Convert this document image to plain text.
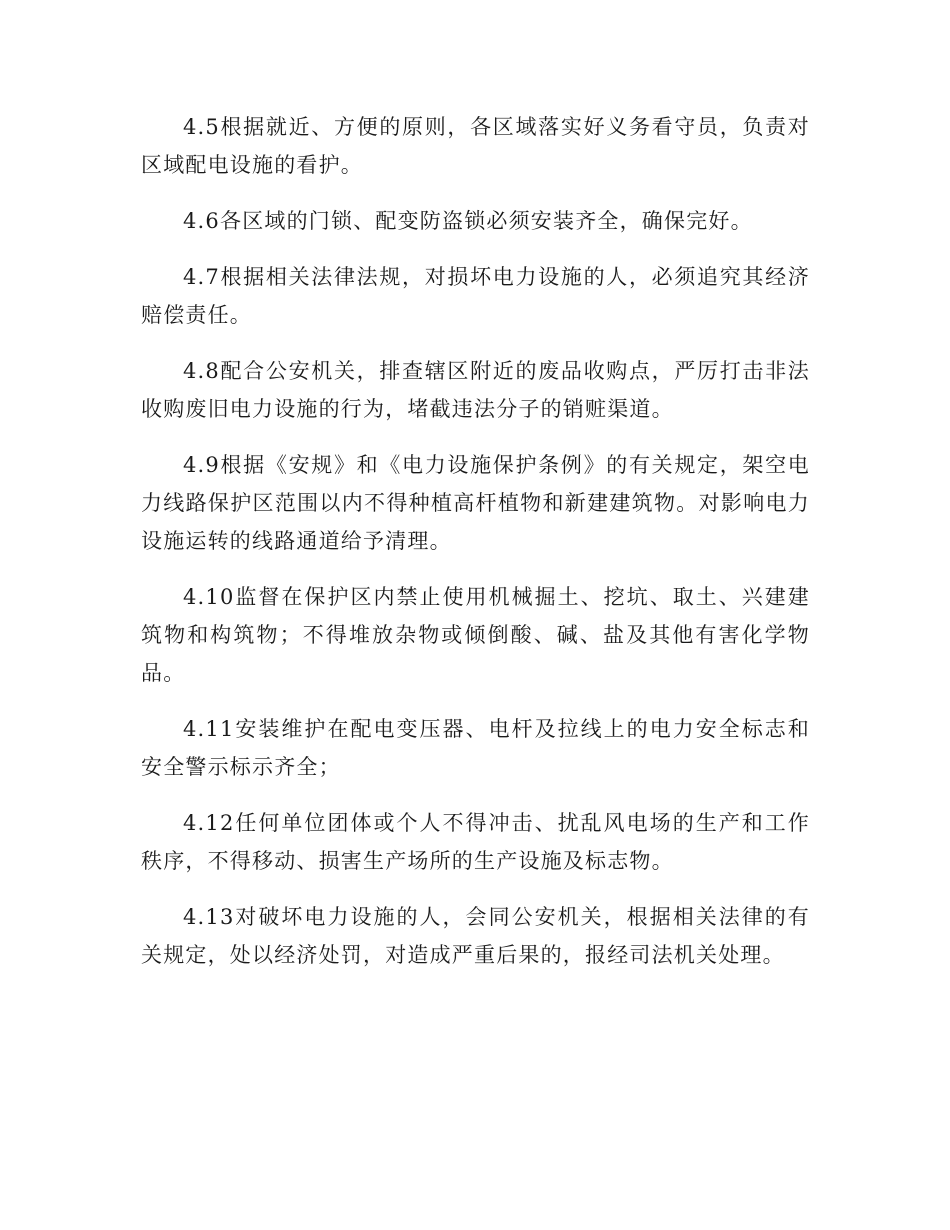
4.5根据就近、方便的原则，各区域落实好义务看守员，负责对区域配电设施的看护。

4.6各区域的门锁、配变防盗锁必须安装齐全，确保完好。

4.7根据相关法律法规，对损坏电力设施的人，必须追究其经济赔偿责任。

4.8配合公安机关，排查辖区附近的废品收购点，严厉打击非法收购废旧电力设施的行为，堵截违法分子的销赃渠道。

4.9根据《安规》和《电力设施保护条例》的有关规定，架空电力线路保护区范围以内不得种植高杆植物和新建建筑物。对影响电力设施运转的线路通道给予清理。

4.10监督在保护区内禁止使用机械掘土、挖坑、取土、兴建建筑物和构筑物；不得堆放杂物或倾倒酸、碱、盐及其他有害化学物品。

4.11安装维护在配电变压器、电杆及拉线上的电力安全标志和安全警示标示齐全；

4.12任何单位团体或个人不得冲击、扰乱风电场的生产和工作秩序，不得移动、损害生产场所的生产设施及标志物。

4.13对破坏电力设施的人，会同公安机关，根据相关法律的有关规定，处以经济处罚，对造成严重后果的，报经司法机关处理。
